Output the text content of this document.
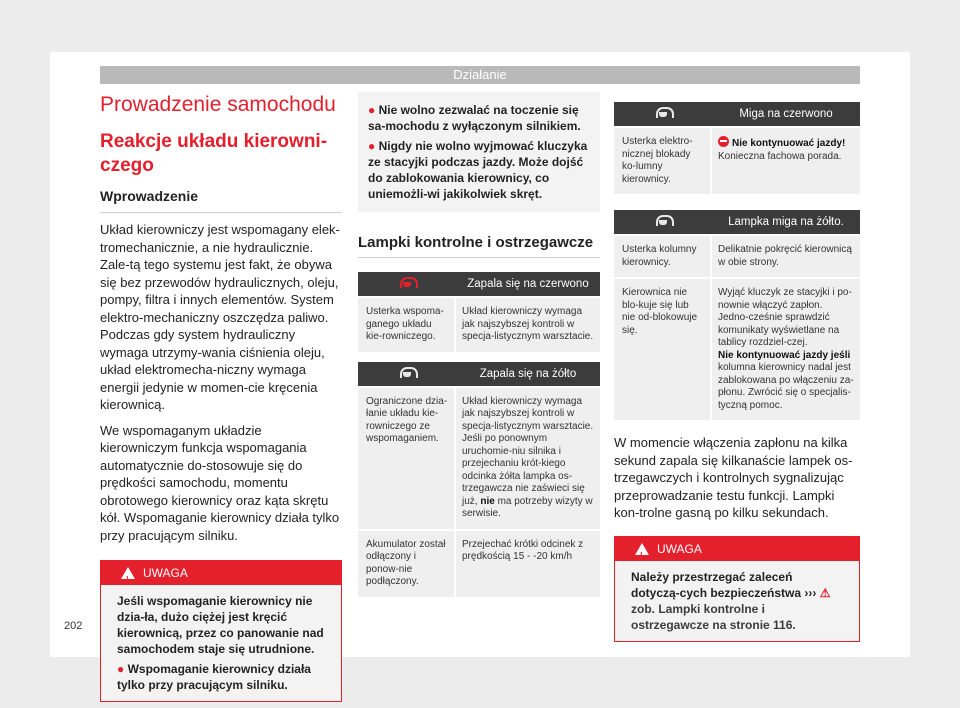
Działanie
Prowadzenie samochodu
Reakcje układu kierowni-czego
Wprowadzenie

Układ kierowniczy jest wspomagany elek-tromechanicznie, a nie hydraulicznie. Zale-tą tego systemu jest fakt, że obywa się bez przewodów hydraulicznych, oleju, pompy, filtra i innych elementów. System elektro-mechaniczny oszczędza paliwo. Podczas gdy system hydrauliczny wymaga utrzymy-wania ciśnienia oleju, układ elektromecha-niczny wymaga energii jedynie w momen-cie kręcenia kierownicą.

We wspomaganym układzie kierowniczym funkcja wspomagania automatycznie do-stosowuje się do prędkości samochodu, momentu obrotowego kierownicy oraz kąta skrętu kół. Wspomaganie kierownicy działa tylko przy pracującym silniku.

!
UWAGA

Jeśli wspomaganie kierownicy nie dzia-ła, dużo ciężej jest kręcić kierownicą, przez co panowanie nad samochodem staje się utrudnione.

● Wspomaganie kierownicy działa tylko przy pracującym silniku.

● Nie wolno zezwalać na toczenie się sa-mochodu z wyłączonym silnikiem.

● Nigdy nie wolno wyjmować kluczyka ze stacyjki podczas jazdy. Może dojść do zablokowania kierownicy, co uniemożli-wi jakikolwiek skręt.

Lampki kontrolne i ostrzegawcze
Zapala się na czerwono
Usterka wspoma-ganego układu kie-rowniczego.
Układ kierowniczy wymaga jak najszybszej kontroli w specja-listycznym warsztacie.
Zapala się na żółto
Ograniczone dzia-łanie układu kie-rowniczego ze wspomaganiem.
Układ kierowniczy wymaga jak najszybszej kontroli w specja-listycznym warsztacie.
Jeśli po ponownym uruchomie-niu silnika i przejechaniu krót-kiego odcinka żółta lampka os-trzegawcza nie zaświeci się już, nie ma potrzeby wizyty w serwisie.
Akumulator został odłączony i ponow-nie podłączony.
Przejechać krótki odcinek z prędkością 15 - -20 km/h
Miga na czerwono
Usterka elektro-nicznej blokady ko-lumny kierownicy.
Nie kontynuować jazdy!
Konieczna fachowa porada.
Lampka miga na żółto.
Usterka kolumny kierownicy.
Delikatnie pokręcić kierownicą w obie strony.
Kierownica nie blo-kuje się lub nie od-blokowuje się.
Wyjąć kluczyk ze stacyjki i po-nownie włączyć zapłon. Jedno-cześnie sprawdzić komunikaty wyświetlane na tablicy rozdziel-czej.
Nie kontynuować jazdy jeśli kolumna kierownicy nadal jest zablokowana po włączeniu za-płonu. Zwrócić się o specjalis-tyczną pomoc.

W momencie włączenia zapłonu na kilka sekund zapala się kilkanaście lampek os-trzegawczych i kontrolnych sygnalizując przeprowadzanie testu funkcji. Lampki kon-trolne gasną po kilku sekundach.

!
UWAGA

Należy przestrzegać zaleceń dotyczą-cych bezpieczeństwa ››› ⚠ zob. Lampki kontrolne i ostrzegawcze na stronie 116.

202
